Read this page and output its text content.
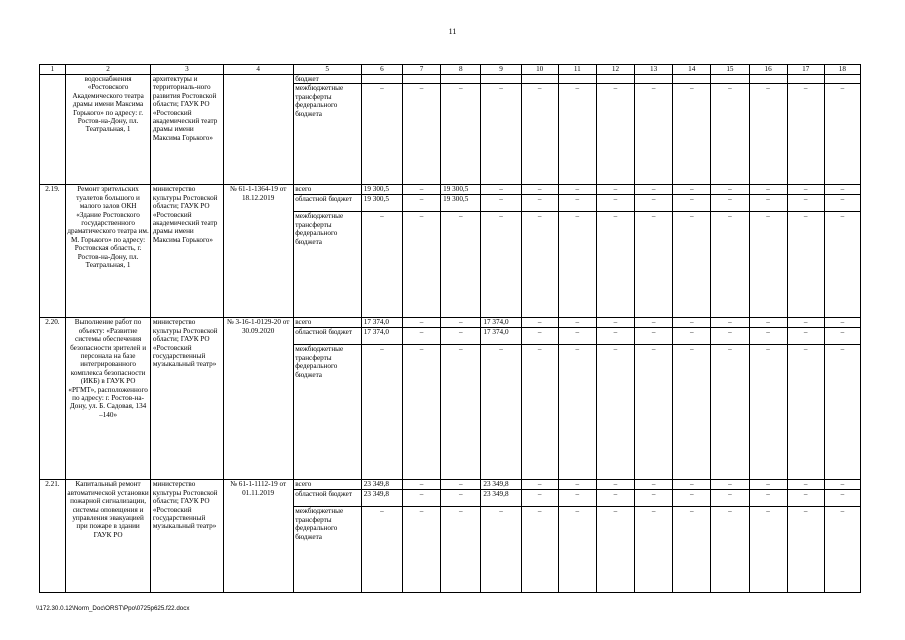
11
1	2	3	4	5	6	7	8	9	10	11	12	13	14	15	16	17	18
	водоснабжения «Ростовского Академического театра драмы имени Максима Горького» по адресу: г. Ростов-на-Дону, пл. Театральная, 1	архитектуры и территориаль-ного развития Ростовской области; ГАУК РО «Ростовский академический театр драмы имени Максима Горького»		бюджет													
				межбюджетные трансферты федерального бюджета	–	–	–	–	–	–	–	–	–	–	–	–	–
2.19.	Ремонт зрительских туалетов большого и малого залов ОКН «Здание Ростовского государственного драматического театра им. М. Горького» по адресу: Ростовская область, г. Ростов-на-Дону, пл. Театральная, 1	министерство культуры Ростовской области; ГАУК РО «Ростовский академический театр драмы имени Максима Горького»	№ 61-1-1364-19 от 18.12.2019	всего	19 300,5	–	19 300,5	–	–	–	–	–	–	–	–	–	–
				областной бюджет	19 300,5	–	19 300,5	–	–	–	–	–	–	–	–	–	–
				межбюджетные трансферты федерального бюджета	–	–	–	–	–	–	–	–	–	–	–	–	–
2.20.	Выполнение работ по объекту: «Развитие системы обеспечения безопасности зрителей и персонала на базе интегрированного комплекса безопасности (ИКБ) в ГАУК РО «РГМТ», расположенного по адресу: г. Ростов-на-Дону, ул. Б. Садовая, 134 –140»	министерство культуры Ростовской области; ГАУК РО «Ростовский государственный музыкальный театр»	№ 3-16-1-0129-20 от 30.09.2020	всего	17 374,0	–	–	17 374,0	–	–	–	–	–	–	–	–	–
				областной бюджет	17 374,0	–	–	17 374,0	–	–	–	–	–	–	–	–	–
				межбюджетные трансферты федерального бюджета	–	–	–	–	–	–	–	–	–	–	–	–	–
2.21.	Капитальный ремонт автоматической установки пожарной сигнализации, системы оповещения и управления эвакуацией при пожаре в здании ГАУК РО	министерство культуры Ростовской области; ГАУК РО «Ростовский государственный музыкальный театр»	№ 61-1-1112-19 от 01.11.2019	всего	23 349,8	–	–	23 349,8	–	–	–	–	–	–	–	–	–
				областной бюджет	23 349,8	–	–	23 349,8	–	–	–	–	–	–	–	–	–
				межбюджетные трансферты федерального бюджета	–	–	–	–	–	–	–	–	–	–	–	–	–
\\172.30.0.12\Norm_Doc\ORST\Ppo\0725p625.f22.docx
